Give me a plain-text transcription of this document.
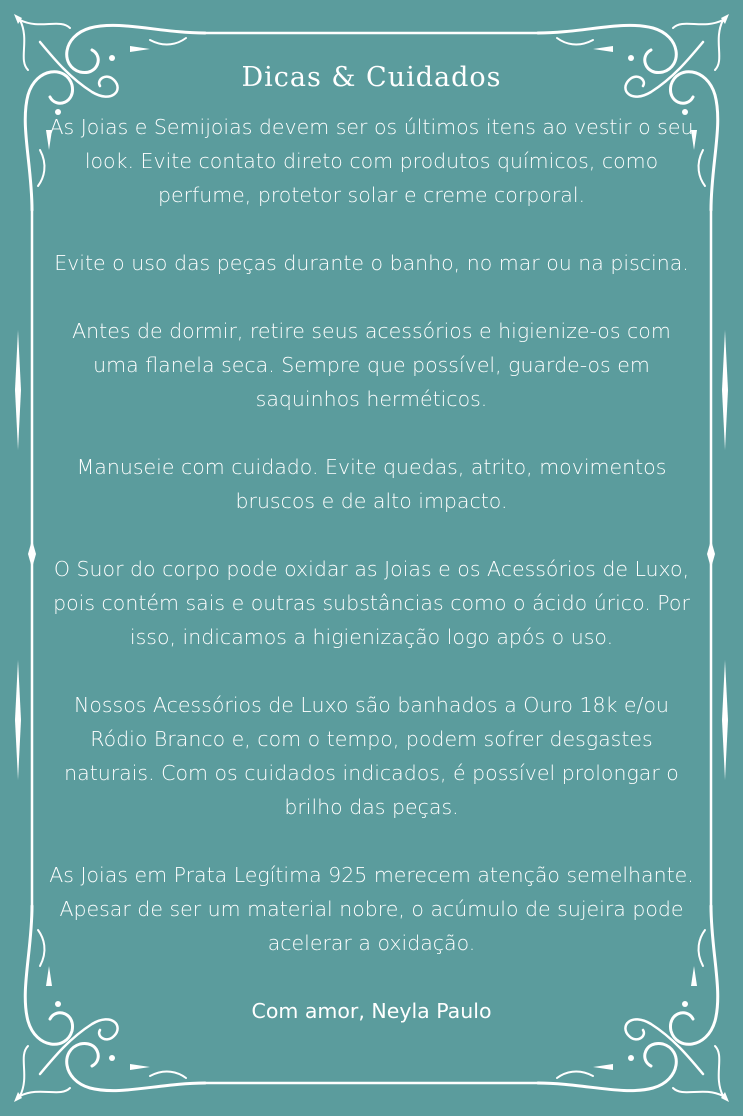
Dicas & Cuidados

As Joias e Semijoias devem ser os últimos itens ao vestir o seu look. Evite contato direto com produtos químicos, como perfume, protetor solar e creme corporal.

Evite o uso das peças durante o banho, no mar ou na piscina.

Antes de dormir, retire seus acessórios e higienize-os com uma flanela seca. Sempre que possível, guarde-os em saquinhos herméticos.

Manuseie com cuidado. Evite quedas, atrito, movimentos bruscos e de alto impacto.

O Suor do corpo pode oxidar as Joias e os Acessórios de Luxo, pois contém sais e outras substâncias como o ácido úrico. Por isso, indicamos a higienização logo após o uso.

Nossos Acessórios de Luxo são banhados a Ouro 18k e/ou Ródio Branco e, com o tempo, podem sofrer desgastes naturais. Com os cuidados indicados, é possível prolongar o brilho das peças.

As Joias em Prata Legítima 925 merecem atenção semelhante. Apesar de ser um material nobre, o acúmulo de sujeira pode acelerar a oxidação.

Com amor, Neyla Paulo
